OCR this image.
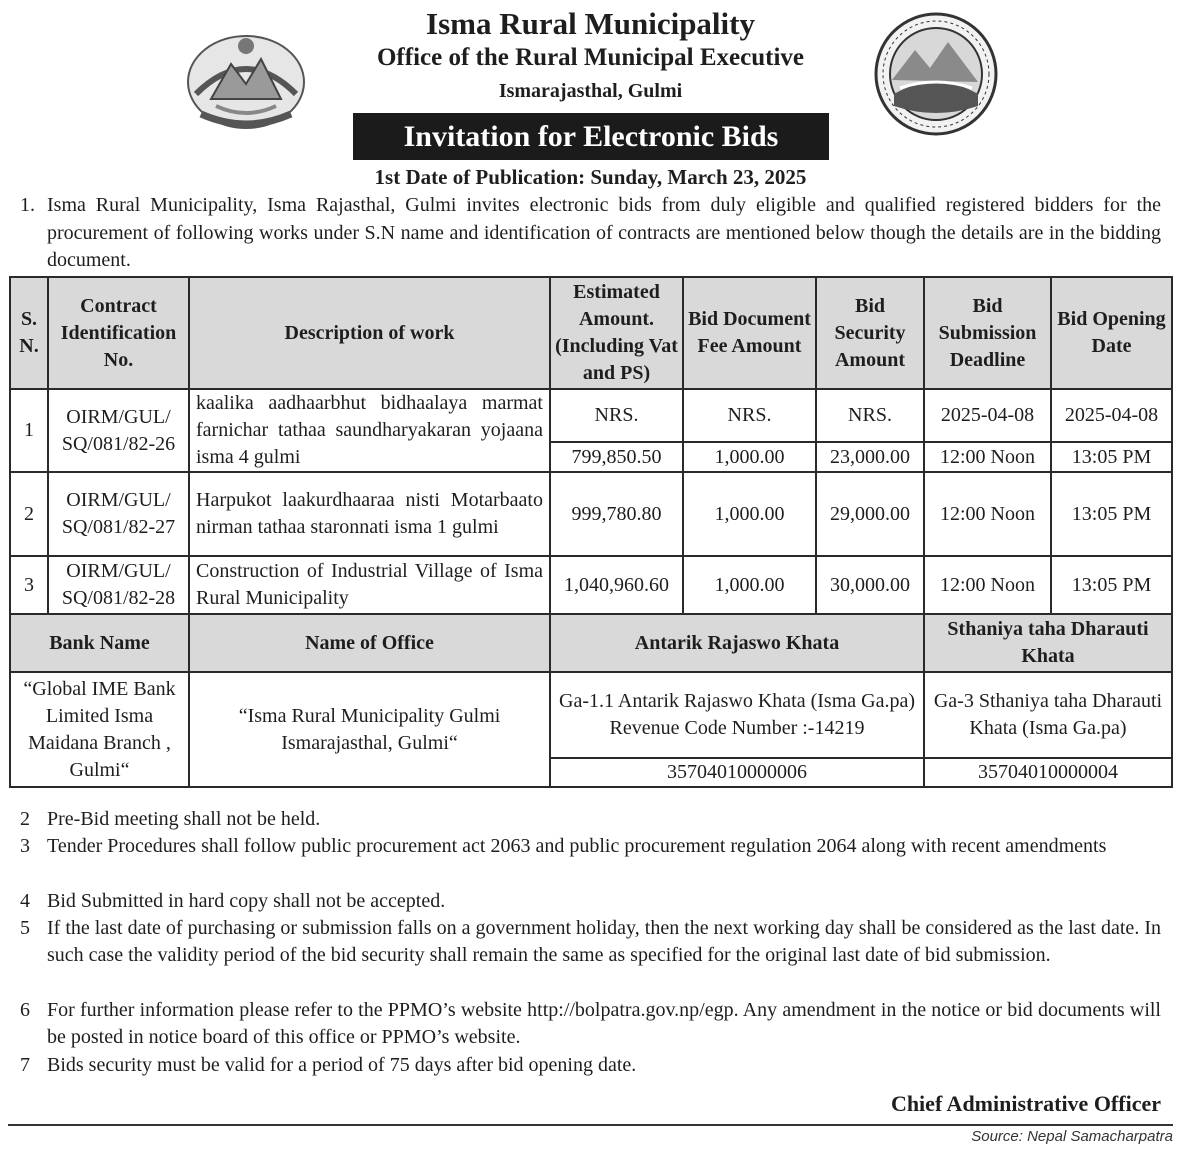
Isma Rural Municipality
Office of the Rural Municipal Executive
Ismarajasthal, Gulmi
Invitation for Electronic Bids
1st Date of Publication: Sunday, March 23, 2025
1. Isma Rural Municipality, Isma Rajasthal, Gulmi invites electronic bids from duly eligible and qualified registered bidders for the procurement of following works under S.N name and identification of contracts are mentioned below though the details are in the bidding document.
S. N.	Contract Identification No.	Description of work	Estimated Amount. (Including Vat and PS)	Bid Document Fee Amount	Bid Security Amount	Bid Submission Deadline	Bid Opening Date
1	OIRM/GUL/ SQ/081/82-26	kaalika aadhaarbhut bidhaalaya marmat farnichar tathaa saundharyakaran yojaana isma 4 gulmi	NRS.	NRS.	NRS.	2025-04-08	2025-04-08
			799,850.50	1,000.00	23,000.00	12:00 Noon	13:05 PM
2	OIRM/GUL/ SQ/081/82-27	Harpukot laakurdhaaraa nisti Motarbaato nirman tathaa staronnati isma 1 gulmi	999,780.80	1,000.00	29,000.00	12:00 Noon	13:05 PM
3	OIRM/GUL/ SQ/081/82-28	Construction of Industrial Village of Isma Rural Municipality	1,040,960.60	1,000.00	30,000.00	12:00 Noon	13:05 PM
Bank Name		Name of Office	Antarik Rajaswo Khata			Sthaniya taha Dharauti Khata	
“Global IME Bank Limited Isma Maidana Branch , Gulmi“		“Isma Rural Municipality Gulmi Ismarajasthal, Gulmi“	Ga-1.1 Antarik Rajaswo Khata (Isma Ga.pa) Revenue Code Number :-14219			Ga-3 Sthaniya taha Dharauti Khata (Isma Ga.pa)	
			35704010000006			35704010000004	
2 Pre-Bid meeting shall not be held.
3 Tender Procedures shall follow public procurement act 2063 and public procurement regulation 2064 along with recent amendments
4 Bid Submitted in hard copy shall not be accepted.
5 If the last date of purchasing or submission falls on a government holiday, then the next working day shall be considered as the last date. In such case the validity period of the bid security shall remain the same as specified for the original last date of bid submission.
6 For further information please refer to the PPMO’s website http://bolpatra.gov.np/egp. Any amendment in the notice or bid documents will be posted in notice board of this office or PPMO’s website.
7 Bids security must be valid for a period of 75 days after bid opening date.
Chief Administrative Officer
Source: Nepal Samacharpatra
